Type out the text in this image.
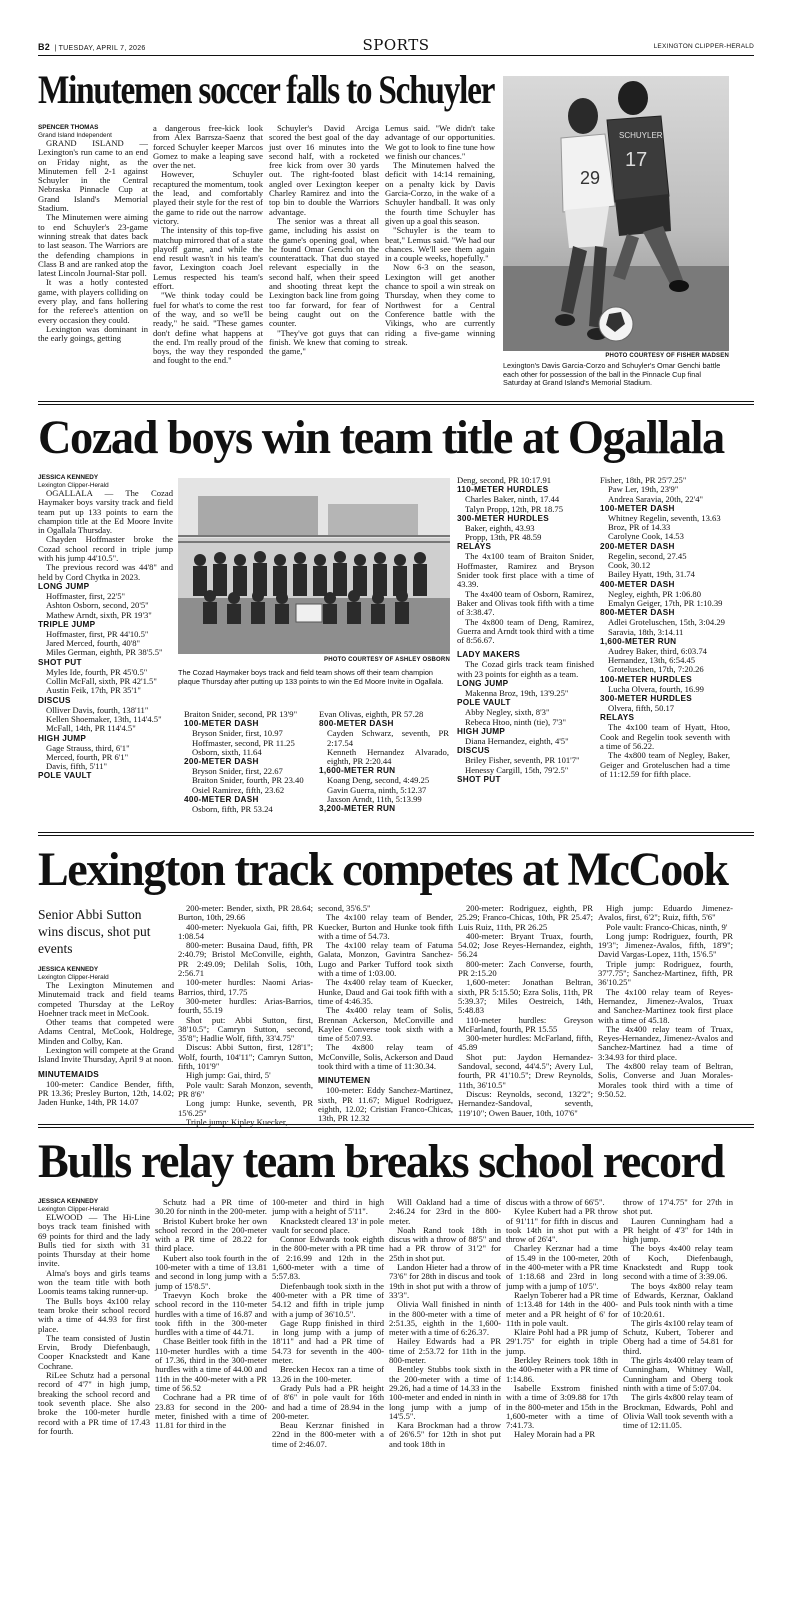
B2 | TUESDAY, APRIL 7, 2026	SPORTS	LEXINGTON CLIPPER-HERALD
Minutemen soccer falls to Schuyler

SPENCER THOMAS
Grand Island Independent

GRAND ISLAND — Lexington's run came to an end on Friday night, as the Minutemen fell 2-1 against Schuyler in the Central Nebraska Pinnacle Cup at Grand Island's Memorial Stadium.

The Minutemen were aiming to end Schuyler's 23-game winning streak that dates back to last season. The Warriors are the defending champions in Class B and are ranked atop the latest Lincoln Journal-Star poll.

It was a hotly contested game, with players colliding on every play, and fans hollering for the referee's attention on every occasion they could.

Lexington was dominant in the early goings, getting

a dangerous free-kick look from Alex Barrsza-Saenz that forced Schuyler keeper Marcos Gomez to make a leaping save over the net.

However, Schuyler recaptured the momentum, took the lead, and comfortably played their style for the rest of the game to ride out the narrow victory.

The intensity of this top-five matchup mirrored that of a state playoff game, and while the end result wasn't in his team's favor, Lexington coach Joel Lemus respected his team's effort.

"We think today could be fuel for what's to come the rest of the way, and so we'll be ready," he said. "These games don't define what happens at the end. I'm really proud of the boys, the way they responded and fought to the end."

Schuyler's David Arciga scored the best goal of the day just over 16 minutes into the second half, with a rocketed free kick from over 30 yards out. The right-footed blast angled over Lexington keeper Charley Ramirez and into the top bin to double the Warriors advantage.

The senior was a threat all game, including his assist on the game's opening goal, when he found Omar Genchi on the counterattack. That duo stayed relevant especially in the second half, when their speed and shooting threat kept the Lexington back line from going too far forward, for fear of being caught out on the counter.

"They've got guys that can finish. We knew that coming to the game,"

Lemus said. "We didn't take advantage of our opportunities. We got to look to fine tune how we finish our chances."

The Minutemen halved the deficit with 14:14 remaining, on a penalty kick by Davis Garcia-Corzo, in the wake of a Schuyler handball. It was only the fourth time Schuyler has given up a goal this season.

"Schuyler is the team to beat," Lemus said. "We had our chances. We'll see them again in a couple weeks, hopefully."

Now 6-3 on the season, Lexington will get another chance to spoil a win streak on Thursday, when they come to Northwest for a Central Conference battle with the Vikings, who are currently riding a five-game winning streak.

29
SCHUYLER
17
PHOTO COURTESY OF FISHER MADSEN
Lexington's Davis Garcia-Corzo and Schuyler's Omar Genchi battle each other for possession of the ball in the Pinnacle Cup final Saturday at Grand Island's Memorial Stadium.
Cozad boys win team title at Ogallala

JESSICA KENNEDY
Lexington Clipper-Herald

OGALLALA — The Cozad Haymaker boys varsity track and field team put up 133 points to earn the champion title at the Ed Moore Invite in Ogallala Thursday.

Chayden Hoffmaster broke the Cozad school record in triple jump with his jump 44'10.5".

The previous record was 44'8" and held by Cord Chytka in 2023.

LONG JUMP

Hoffmaster, first, 22'5"

Ashton Osborn, second, 20'5"

Mathew Arndt, sixth, PR 19'3"

TRIPLE JUMP

Hoffmaster, first, PR 44'10.5"

Jared Merced, fourth, 40'8"

Miles German, eighth, PR 38'5.5"

SHOT PUT

Myles Ide, fourth, PR 45'0.5"

Collin McFall, sixth, PR 42'1.5"

Austin Feik, 17th, PR 35'1"

DISCUS

Olliver Davis, fourth, 138'11"

Kellen Shoemaker, 13th, 114'4.5"

McFall, 14th, PR 114'4.5"

HIGH JUMP

Gage Strauss, third, 6'1"

Merced, fourth, PR 6'1"

Davis, fifth, 5'11"

POLE VAULT

PHOTO COURTESY OF ASHLEY OSBORN
The Cozad Haymaker boys track and field team shows off their team champion plaque Thursday after putting up 133 points to win the Ed Moore Invite in Ogallala.

Braiton Snider, second, PR 13'9"

100-METER DASH

Bryson Snider, first, 10.97

Hoffmaster, second, PR 11.25

Osborn, sixth, 11.64

200-METER DASH

Bryson Snider, first, 22.67

Braiton Snider, fourth, PR 23.40

Osiel Ramirez, fifth, 23.62

400-METER DASH

Osborn, fifth, PR 53.24

Evan Olivas, eighth, PR 57.28

800-METER DASH

Cayden Schwarz, seventh, PR 2:17.54

Kenneth Hernandez Alvarado, eighth, PR 2:20.44

1,600-METER RUN

Koang Deng, second, 4:49.25

Gavin Guerra, ninth, 5:12.37

Jaxson Arndt, 11th, 5:13.99

3,200-METER RUN

Deng, second, PR 10:17.91

110-METER HURDLES

Charles Baker, ninth, 17.44

Talyn Propp, 12th, PR 18.75

300-METER HURDLES

Baker, eighth, 43.93

Propp, 13th, PR 48.59

RELAYS

The 4x100 team of Braiton Snider, Hoffmaster, Ramirez and Bryson Snider took first place with a time of 43.39.

The 4x400 team of Osborn, Ramirez, Baker and Olivas took fifth with a time of 3:38.47.

The 4x800 team of Deng, Ramirez, Guerra and Arndt took third with a time of 8:56.67.

LADY MAKERS

The Cozad girls track team finished with 23 points for eighth as a team.

LONG JUMP

Makenna Broz, 19th, 13'9.25"

POLE VAULT

Abby Negley, sixth, 8'3"

Rebeca Htoo, ninth (tie), 7'3"

HIGH JUMP

Diana Hernandez, eighth, 4'5"

DISCUS

Briley Fisher, seventh, PR 101'7"

Henessy Cargill, 15th, 79'2.5"

SHOT PUT

Fisher, 18th, PR 25'7.25"

Paw Ler, 19th, 23'9"

Andrea Saravia, 20th, 22'4"

100-METER DASH

Whitney Regelin, seventh, 13.63

Broz, PR of 14.33

Carolyne Cook, 14.53

200-METER DASH

Regelin, second, 27.45

Cook, 30.12

Bailey Hyatt, 19th, 31.74

400-METER DASH

Negley, eighth, PR 1:06.80

Emalyn Geiger, 17th, PR 1:10.39

800-METER DASH

Adlei Groteluschen, 15th, 3:04.29

Saravia, 18th, 3:14.11

1,600-METER RUN

Audrey Baker, third, 6:03.74

Hernandez, 13th, 6:54.45

Groteluschen, 17th, 7:20.26

100-METER HURDLES

Lucha Olvera, fourth, 16.99

300-METER HURDLES

Olvera, fifth, 50.17

RELAYS

The 4x100 team of Hyatt, Htoo, Cook and Regelin took seventh with a time of 56.22.

The 4x800 team of Negley, Baker, Geiger and Groteluschen had a time of 11:12.59 for fifth place.

Lexington track competes at McCook
Senior Abbi Sutton wins discus, shot put events

JESSICA KENNEDY
Lexington Clipper-Herald

The Lexington Minutemen and Minutemaid track and field teams competed Thursday at the LeRoy Hoehner track meet in McCook.

Other teams that competed were Adams Central, McCook, Holdrege, Minden and Colby, Kan.

Lexington will compete at the Grand Island Invite Thursday, April 9 at noon.

MINUTEMAIDS

100-meter: Candice Bender, fifth, PR 13.36; Presley Burton, 12th, 14.02; Jaden Hunke, 14th, PR 14.07

200-meter: Bender, sixth, PR 28.64; Burton, 10th, 29.66

400-meter: Nyekuola Gai, fifth, PR 1:08.54

800-meter: Busaina Daud, fifth, PR 2:40.79; Bristol McConville, eighth, PR 2:49.09; Delilah Solis, 10th, 2:56.71

100-meter hurdles: Naomi Arias-Barrios, third, 17.75

300-meter hurdles: Arias-Barrios, fourth, 55.19

Shot put: Abbi Sutton, first, 38'10.5"; Camryn Sutton, second, 35'8"; Hadlie Wolf, fifth, 33'4.75"

Discus: Abbi Sutton, first, 128'1"; Wolf, fourth, 104'11"; Camryn Sutton, fifth, 101'9"

High jump: Gai, third, 5'

Pole vault: Sarah Monzon, seventh, PR 8'6"

Long jump: Hunke, seventh, PR 15'6.25"

Triple jump: Kipley Kuecker,

second, 35'6.5"

The 4x100 relay team of Bender, Kuecker, Burton and Hunke took fifth with a time of 54.73.

The 4x100 relay team of Fatuma Galata, Monzon, Gavintra Sanchez-Lugo and Parker Tufford took sixth with a time of 1:03.00.

The 4x400 relay team of Kuecker, Hunke, Daud and Gai took fifth with a time of 4:46.35.

The 4x400 relay team of Solis, Brennan Ackerson, McConville and Kaylee Converse took sixth with a time of 5:07.93.

The 4x800 relay team of McConville, Solis, Ackerson and Daud took third with a time of 11:30.34.

MINUTEMEN

100-meter: Eddy Sanchez-Martinez, sixth, PR 11.67; Miguel Rodriguez, eighth, 12.02; Cristian Franco-Chicas, 13th, PR 12.32

200-meter: Rodriguez, eighth, PR 25.29; Franco-Chicas, 10th, PR 25.47; Luis Ruiz, 11th, PR 26.25

400-meter: Bryant Truax, fourth, 54.02; Jose Reyes-Hernandez, eighth, 56.24

800-meter: Zach Converse, fourth, PR 2:15.20

1,600-meter: Jonathan Beltran, sixth, PR 5:15.50; Ezra Solis, 11th, PR 5:39.37; Miles Oestreich, 14th, 5:48.83

110-meter hurdles: Greyson McFarland, fourth, PR 15.55

300-meter hurdles: McFarland, fifth, 45.89

Shot put: Jaydon Hernandez-Sandoval, second, 44'4.5"; Avery Lul, fourth, PR 41'10.5"; Drew Reynolds, 11th, 36'10.5"

Discus: Reynolds, second, 132'2"; Hernandez-Sandoval, seventh, 119'10"; Owen Bauer, 10th, 107'6"

High jump: Eduardo Jimenez-Avalos, first, 6'2"; Ruiz, fifth, 5'6"

Pole vault: Franco-Chicas, ninth, 9'

Long jump: Rodriguez, fourth, PR 19'3"; Jimenez-Avalos, fifth, 18'9"; David Vargas-Lopez, 11th, 15'6.5"

Triple jump: Rodriguez, fourth, 37'7.75"; Sanchez-Martinez, fifth, PR 36'10.25"

The 4x100 relay team of Reyes-Hernandez, Jimenez-Avalos, Truax and Sanchez-Martinez took first place with a time of 45.18.

The 4x400 relay team of Truax, Reyes-Hernandez, Jimenez-Avalos and Sanchez-Martinez had a time of 3:34.93 for third place.

The 4x800 relay team of Beltran, Solis, Converse and Juan Morales-Morales took third with a time of 9:50.52.

Bulls relay team breaks school record

JESSICA KENNEDY
Lexington Clipper-Herald

ELWOOD — The Hi-Line boys track team finished with 69 points for third and the lady Bulls tied for sixth with 31 points Thursday at their home invite.

Alma's boys and girls teams won the team title with both Loomis teams taking runner-up.

The Bulls boys 4x100 relay team broke their school record with a time of 44.93 for first place.

The team consisted of Justin Ervin, Brody Diefenbaugh, Cooper Knackstedt and Kane Cochrane.

RiLee Schutz had a personal record of 4'7" in high jump, breaking the school record and took seventh place. She also broke the 100-meter hurdle record with a PR time of 17.43 for fourth.

Schutz had a PR time of 30.20 for ninth in the 200-meter.

Bristol Kubert broke her own school record in the 200-meter with a PR time of 28.22 for third place.

Kubert also took fourth in the 100-meter with a time of 13.81 and second in long jump with a jump of 15'8.5".

Traevyn Koch broke the school record in the 110-meter hurdles with a time of 16.87 and took fifth in the 300-meter hurdles with a time of 44.71.

Chase Beitler took fifth in the 110-meter hurdles with a time of 17.36, third in the 300-meter hurdles with a time of 44.00 and 11th in the 400-meter with a PR time of 56.52

Cochrane had a PR time of 23.83 for second in the 200-meter, finished with a time of 11.81 for third in the

100-meter and third in high jump with a height of 5'11".

Knackstedt cleared 13' in pole vault for second place.

Connor Edwards took eighth in the 800-meter with a PR time of 2:16.99 and 12th in the 1,600-meter with a time of 5:57.83.

Diefenbaugh took sixth in the 400-meter with a PR time of 54.12 and fifth in triple jump with a jump of 36'10.5".

Gage Rupp finished in third in long jump with a jump of 18'11" and had a PR time of 54.73 for seventh in the 400-meter.

Brecken Hecox ran a time of 13.26 in the 100-meter.

Grady Puls had a PR height of 8'6" in pole vault for 16th and had a time of 28.94 in the 200-meter.

Beau Kerznar finished in 22nd in the 800-meter with a time of 2:46.07.

Will Oakland had a time of 2:46.24 for 23rd in the 800-meter.

Noah Rand took 18th in discus with a throw of 88'5" and had a PR throw of 31'2" for 25th in shot put.

Landon Hieter had a throw of 73'6" for 28th in discus and took 19th in shot put with a throw of 33'3".

Olivia Wall finished in ninth in the 800-meter with a time of 2:51.35, eighth in the 1,600-meter with a time of 6:26.37.

Hailey Edwards had a PR time of 2:53.72 for 11th in the 800-meter.

Bentley Stubbs took sixth in the 200-meter with a time of 29.26, had a time of 14.33 in the 100-meter and ended in ninth in long jump with a jump of 14'5.5".

Kara Brockman had a throw of 26'6.5" for 12th in shot put and took 18th in

discus with a throw of 66'5".

Kylee Kubert had a PR throw of 91'11" for fifth in discus and took 14th in shot put with a throw of 26'4".

Charley Kerznar had a time of 15.49 in the 100-meter, 20th in the 400-meter with a PR time of 1:18.68 and 23rd in long jump with a jump of 10'5".

Raelyn Toberer had a PR time of 1:13.48 for 14th in the 400-meter and a PR height of 6' for 11th in pole vault.

Klaire Pohl had a PR jump of 29'1.75" for eighth in triple jump.

Berkley Reiners took 18th in the 400-meter with a PR time of 1:14.86.

Isabelle Exstrom finished with a time of 3:09.88 for 17th in the 800-meter and 15th in the 1,600-meter with a time of 7:41.73.

Haley Morain had a PR

throw of 17'4.75" for 27th in shot put.

Lauren Cunningham had a PR height of 4'3" for 14th in high jump.

The boys 4x400 relay team of Koch, Diefenbaugh, Knackstedt and Rupp took second with a time of 3:39.06.

The boys 4x800 relay team of Edwards, Kerznar, Oakland and Puls took ninth with a time of 10:20.61.

The girls 4x100 relay team of Schutz, Kubert, Toberer and Oberg had a time of 54.81 for third.

The girls 4x400 relay team of Cunningham, Whitney Wall, Cunningham and Oberg took ninth with a time of 5:07.04.

The girls 4x800 relay team of Brockman, Edwards, Pohl and Olivia Wall took seventh with a time of 12:11.05.
